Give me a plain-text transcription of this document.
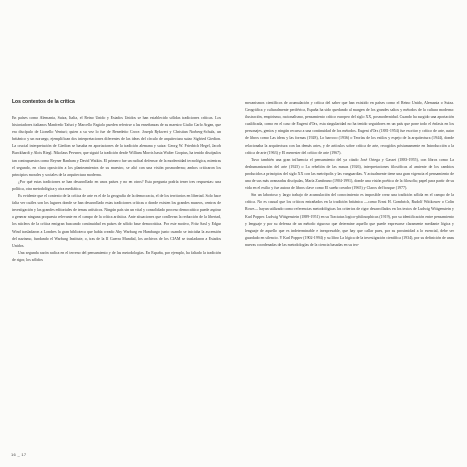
Los contextos de la crítica

En países como Alemania, Suiza, Italia, el Reino Unido y Estados Unidos se han establecido sólidas tradiciones críticas. Los historiadores italianos Manfredo Tafuri y Marcello Fagiolo pueden referirse a las enseñanzas de su maestro Giulio Carlo Argan, que era discípulo de Lionello Venturi; quien a su vez lo fue de Benedetto Croce. Joseph Rykwert y Christian Norberg-Schulz, un británico y un noruego, ejemplifican dos interpretaciones diferentes de las ideas del círculo de arquitectura suizo Sigfried Giedion. La crucial interpretación de Giedion se basaba en aportaciones de la tradición alemana y suiza: Georg W. Friedrich Hegel, Jacob Burckhardt y Alois Riegl. Nikolaus Pevsner, que siguió la tradición desde William Morris hasta Walter Gropius, ha tenido discípulos tan contrapuestos como Reyner Banham y David Watkin. El primero fue un radical defensor de la modernidad tecnológica, mientras el segundo, en clara oposición a los planteamientos de su maestro, se alió con una visión posmoderna; ambos criticaron los principios morales y sociales de la arquitectura moderna.

¿Por qué estas tradiciones se han desarrollado en unos países y no en otros? Esta pregunta podría tener tres respuestas: una política, otra metodológica y otra mediática.

Es evidente que el contexto de la crítica de arte es el de la geografía de la democracia, el de los territorios en libertad. Solo hace falta ver cuáles son los lugares donde se han desarrollado estas tradiciones críticas o donde existen los grandes museos, centros de investigación y las grandes editoriales de temas artísticos. Ningún país sin un vital y consolidado proceso democrático puede aspirar a generar ninguna propuesta relevante en el campo de la crítica artística. Ante situaciones que conllevan la reducción de la libertad, los núcleos de la crítica emigran buscando continuidad en países de sólido base democrática. Por este motivo, Fritz Saxl y Edgar Wind trasladaron a Londres la gran biblioteca que había creado Aby Warburg en Hamburgo junto cuando se iniciaba la ascensión del nazismo, fundando el Warburg Institute, o, tras de la II Guerra Mundial, los archivos de los CIAM se trasladaron a Estados Unidos.

Una segunda razón radica en el terreno del pensamiento y de las metodologías. En España, por ejemplo, ha faltado la tradición de rigor, los sólidos

mecanismos científicos de acumulación y crítica del saber que han existido en países como el Reino Unido, Alemania o Suiza. Geográfica y culturalmente periférica, España ha sido quedando al margen de los grandes saltos y métodos de la cultura moderna: ilustración, empirismo, racionalismo, pensamiento crítico europeo del siglo XX, posmodernidad. Cuando ha surgido una aportación cualificada, como en el caso de Eugeni d'Ors, esta singularidad no ha tenido seguidores en un país que pone todo el énfasis en los personajes, genios y ningún recurso a una continuidad de los métodos. Eugeni d'Ors (1881-1954) fue escritor y crítico de arte, autor de libros como Las ideas y las formas (1928), Lo barroco (1936) o Teorías de los estilos y espejo de la arquitectura (1944), donde relacionaba la arquitectura con las demás artes, y de artículos sobre crítica de arte, recogidos póstumamente en Introducción a la crítica de arte (1963) y El menester del crítico de arte (1967).

Tuvo también una gran influencia el pensamiento del ya citado José Ortega y Gasset (1883-1955), con libros como La deshumanización del arte (1925) o La rebelión de las masas (1926), interpretaciones filosóficas al amiente de los cambios producidos a principios del siglo XX con las metrópolis y las vanguardias. Y actualmente tiene una gran vigencia el pensamiento de una de sus más avanzadas discípulas, María Zambrano (1904-1991), donde una visión poética de la filosofía; papel para partir de su vida en el exilio y fue autora de libros clave como El sueño creador (1965) y Claros del bosque (1977).

Sin un laborioso y largo trabajo de acumulación del conocimiento es imposible crear una tradición sólida en el campo de la crítica. No es casual que los críticos entrañados en la tradición británica —como Ernst H. Gombrich, Rudolf Wittkower o Colin Rowe— hayan utilizado como referencias metodológicas los criterios de rigor desarrollados en los textos de Ludwig Wittgenstein y Karl Popper. Ludwig Wittgenstein (1889-1951) en su Tractatus logico-philosophicus (1919), por su identificación entre pensamiento y lenguaje y por su defensa de un método riguroso que determine aquello que puede expresarse claramente mediante lógica y lenguaje de aquello que es indeterminable e inexpresable, que hay que callar pues, por su proximidad a lo esencial, debe ser guardado en silencio. Y Karl Popper (1902-1994) y su libro La lógica de la investigación científica (1934), por su definición de unas nuevas coordenadas de las metodologías de la ciencia basadas en su teo-

16 _ 17
